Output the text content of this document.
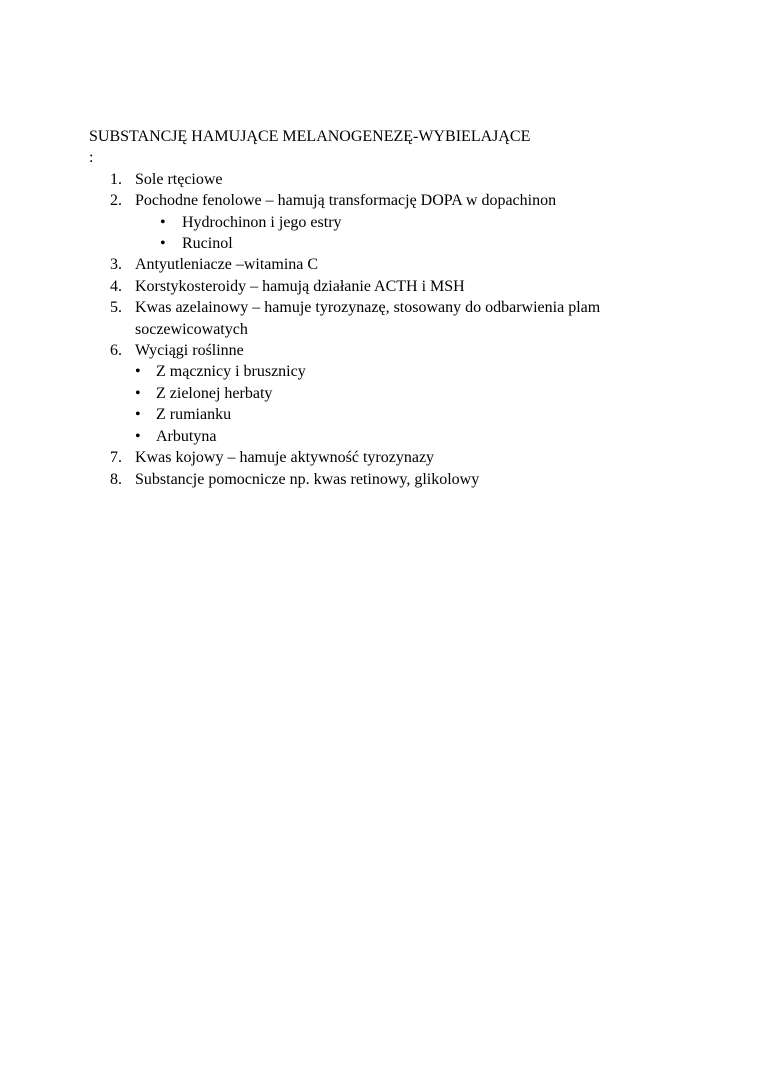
SUBSTANCJĘ HAMUJĄCE MELANOGENEZĘ-WYBIELAJĄCE
:
1. Sole rtęciowe
2. Pochodne fenolowe – hamują transformację DOPA w dopachinon
•	Hydrochinon i jego estry
•	Rucinol
3. Antyutleniacze –witamina C
4. Korstykosteroidy – hamują działanie ACTH i MSH
5. Kwas azelainowy – hamuje tyrozynazę, stosowany do odbarwienia plam soczewicowatych
6. Wyciągi roślinne
• Z mącznicy i brusznicy
• Z zielonej herbaty
• Z rumianku
• Arbutyna
7. Kwas kojowy – hamuje aktywność tyrozynazy
8. Substancje pomocnicze np. kwas retinowy, glikolowy
